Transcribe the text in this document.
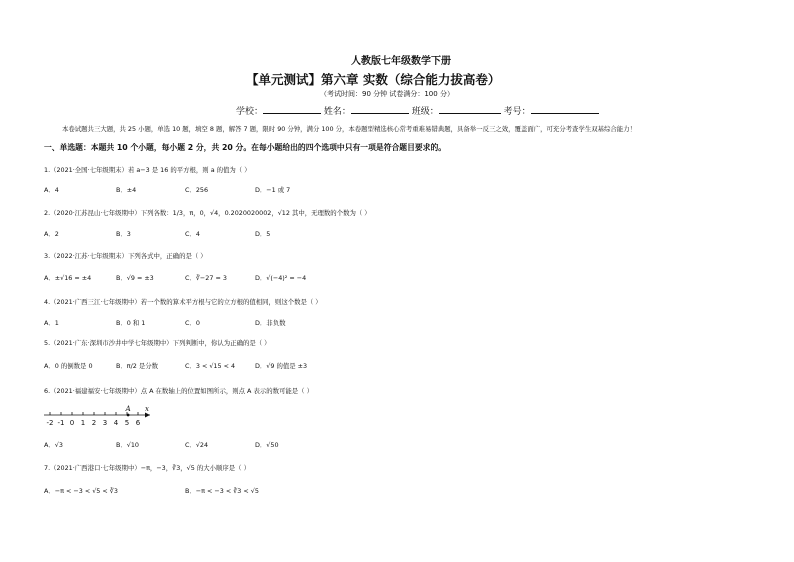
人教版七年级数学下册
【单元测试】第六章 实数（综合能力拔高卷）
（考试时间：90 分钟 试卷满分：100 分）
学校：	姓名：	班级：	考号：
本卷试题共三大题，共 25 小题，单选 10 题，填空 8 题，解答 7 题，限时 90 分钟，满分 100 分，本卷题型精选核心常考重难易错典题，具备举一反三之效，覆盖面广，可充分考查学生双基综合能力！
一、单选题：本题共 10 个小题，每小题 2 分，共 20 分。在每小题给出的四个选项中只有一项是符合题目要求的。
1.（2021·全国·七年级期末）若 a−3 是 16 的平方根，则 a 的值为（ ）
A．4	B．±4	C．256	D．−1 或 7
2.（2020·江苏昆山·七年级期中）下列各数：1/3，π，0，√4，0.2020020002，√12 其中，无理数的个数为（ ）
A．2	B．3	C．4	D．5
3.（2022·江苏·七年级期末）下列各式中，正确的是（ ）
A．±√16 = ±4	B．√9 = ±3	C．∛−27 = 3	D．√(−4)² = −4
4.（2021·广西三江·七年级期中）若一个数的算术平方根与它的立方根的值相同，则这个数是（ ）
A．1	B．0 和 1	C．0	D．非负数
5.（2021·广东·深圳市沙井中学七年级期中）下列判断中，你认为正确的是（ ）
A．0 的倒数是 0	B．π/2 是分数	C．3 < √15 < 4	D．√9 的值是 ±3
6.（2021·福建福安·七年级期中）点 A 在数轴上的位置如图所示，则点 A 表示的数可能是（ ）
-2 -1 0 1 2 3 4 5 6
A x
A．√3	B．√10	C．√24	D．√50
7.（2021·广西港口·七年级期中）−π，−3，∛3，√5 的大小顺序是（ ）
A．−π < −3 < √5 < ∛3	B．−π < −3 < ∛3 < √5
